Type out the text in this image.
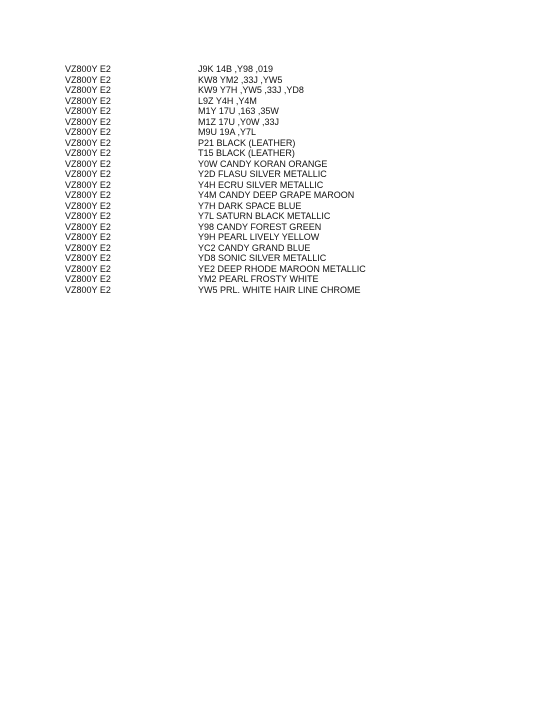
VZ800Y E2	J9K 14B ,Y98 ,019
VZ800Y E2	KW8 YM2 ,33J ,YW5
VZ800Y E2	KW9 Y7H ,YW5 ,33J ,YD8
VZ800Y E2	L9Z Y4H ,Y4M
VZ800Y E2	M1Y 17U ,163 ,35W
VZ800Y E2	M1Z 17U ,Y0W ,33J
VZ800Y E2	M9U 19A ,Y7L
VZ800Y E2	P21 BLACK (LEATHER)
VZ800Y E2	T15 BLACK (LEATHER)
VZ800Y E2	Y0W CANDY KORAN ORANGE
VZ800Y E2	Y2D FLASU SILVER METALLIC
VZ800Y E2	Y4H ECRU SILVER METALLIC
VZ800Y E2	Y4M CANDY DEEP GRAPE MAROON
VZ800Y E2	Y7H DARK SPACE BLUE
VZ800Y E2	Y7L SATURN BLACK METALLIC
VZ800Y E2	Y98 CANDY FOREST GREEN
VZ800Y E2	Y9H PEARL LIVELY YELLOW
VZ800Y E2	YC2 CANDY GRAND BLUE
VZ800Y E2	YD8 SONIC SILVER METALLIC
VZ800Y E2	YE2 DEEP RHODE MAROON METALLIC
VZ800Y E2	YM2 PEARL FROSTY WHITE
VZ800Y E2	YW5 PRL. WHITE HAIR LINE CHROME
